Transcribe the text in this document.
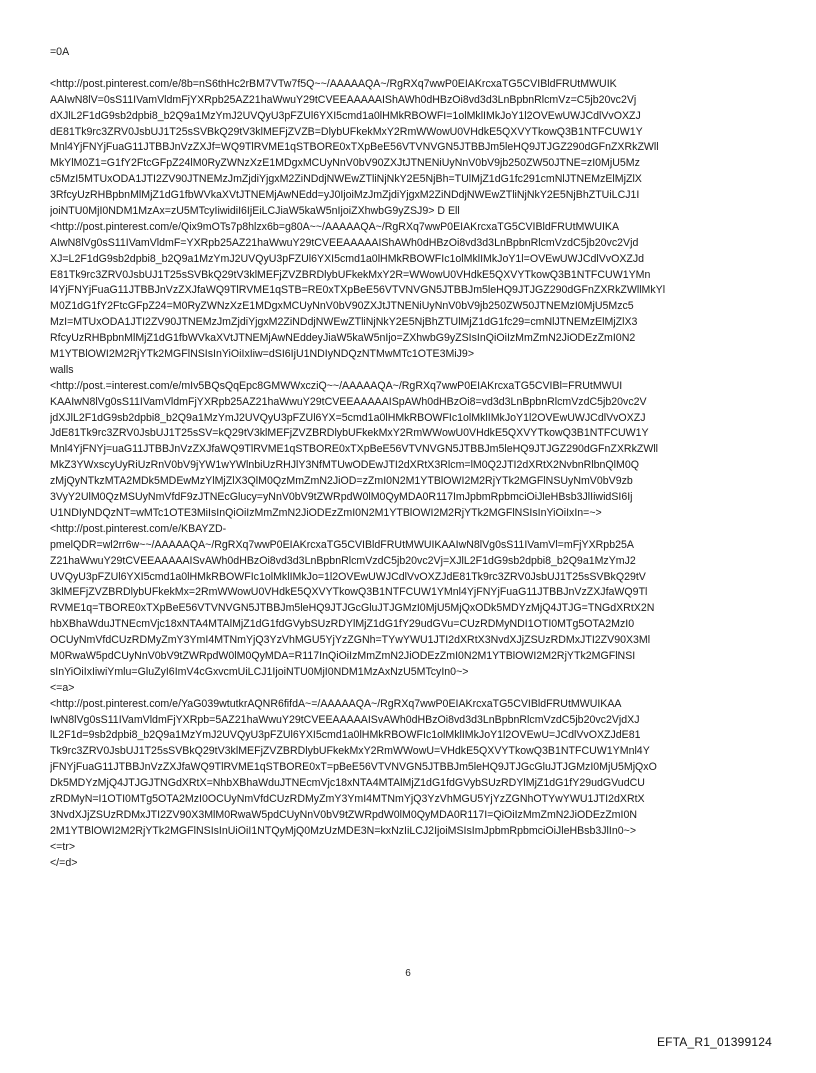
=0A
<http://post.pinterest.com/e/8b=nS6thHc2rBM7VTw7f5Q~~/AAAAAQA~/RgRXq7wwP0EIAKrcxaTG5CVIBldFRUtMWUIK
AAIwN8lV=0sS11IVamVldmFjYXRpb25AZ21haWwuY29tCVEEAAAAAIShAWh0dHBzOi8vd3d3LnBpbnRlcmVz=C5jb20vc2Vj
dXJlL2F1dG9sb2dpbi8_b2Q9a1MzYmJ2UVQyU3pFZUl6YXI5cmd1a0lHMkRBOWFI=1olMklIMkJoY1l2OVEwUWJCdlVvOXZJ
dE81Tk9rc3ZRV0JsbUJ1T25sSVBkQ29tV3klMEFjZVZB=DlybUFkekMxY2RmWWowU0VHdkE5QXVYTkowQ3B1NTFCUW1Y
Mnl4YjFNYjFuaG11JTBBJnVzZXJf=WQ9TlRVME1qSTBORE0xTXpBeE56VTVNVGN5JTBBJm5leHQ9JTJGZ290dGFnZXRkZWll
MkYlM0Z1=G1fY2FtcGFpZ24lM0RyZWNzXzE1MDgxMCUyNnV0bV90ZXJtJTNENiUyNnV0bV9jb250ZW50JTNE=zI0MjU5Mz
c5MzI5MTUxODA1JTI2ZV90JTNEMzJmZjdiYjgxM2ZiNDdjNWEwZTliNjNkY2E5NjBh=TUlMjZ1dG1fc291cmNlJTNEMzElMjZlX
3RfcyUzRHBpbnMlMjZ1dG1fbWVkaXVtJTNEMjAwNEdd=yJ0IjoiMzJmZjdiYjgxM2ZiNDdjNWEwZTliNjNkY2E5NjBhZTUiLCJ1I
joiNTU0MjI0NDM1MzAx=zU5MTcyIiwidiI6IjEiLCJiaW5kaW5nIjoiZXhwbG9yZSJ9> D Ell
<http://post.pinterest.com/e/Qix9mOTs7p8hlzx6b=g80A~~/AAAAAQA~/RgRXq7wwP0EIAKrcxaTG5CVIBldFRUtMWUIKA
AIwN8lVg0sS11IVamVldmF=YXRpb25AZ21haWwuY29tCVEEAAAAAIShAWh0dHBzOi8vd3d3LnBpbnRlcmVzdC5jb20vc2Vjd
XJ=L2F1dG9sb2dpbi8_b2Q9a1MzYmJ2UVQyU3pFZUl6YXI5cmd1a0lHMkRBOWFIc1olMklIMkJoY1l=OVEwUWJCdlVvOXZJd
E81Tk9rc3ZRV0JsbUJ1T25sSVBkQ29tV3klMEFjZVZBRDlybUFkekMxY2R=WWowU0VHdkE5QXVYTkowQ3B1NTFCUW1YMn
l4YjFNYjFuaG11JTBBJnVzZXJfaWQ9TlRVME1qSTB=RE0xTXpBeE56VTVNVGN5JTBBJm5leHQ9JTJGZ290dGFnZXRkZWllMkYl
M0Z1dG1fY2FtcGFpZ24=M0RyZWNzXzE1MDgxMCUyNnV0bV90ZXJtJTNENiUyNnV0bV9jb250ZW50JTNEMzI0MjU5Mzc5
MzI=MTUxODA1JTI2ZV90JTNEMzJmZjdiYjgxM2ZiNDdjNWEwZTliNjNkY2E5NjBhZTUlMjZ1dG1fc29=cmNlJTNEMzElMjZlX3
RfcyUzRHBpbnMlMjZ1dG1fbWVkaXVtJTNEMjAwNEddeyJiaW5kaW5nIjo=ZXhwbG9yZSIsInQiOiIzMmZmN2JiODEzZmI0N2
M1YTBlOWI2M2RjYTk2MGFlNSIsInYiOiIxIiw=dSI6IjU1NDIyNDQzNTMwMTc1OTE3MiJ9>
walls
<http://post.=interest.com/e/mIv5BQsQqEpc8GMWWxcziQ~~/AAAAAQA~/RgRXq7wwP0EIAKrcxaTG5CVIBl=FRUtMWUI
KAAIwN8lVg0sS11IVamVldmFjYXRpb25AZ21haWwuY29tCVEEAAAAAISpAWh0dHBzOi8=vd3d3LnBpbnRlcmVzdC5jb20vc2V
jdXJlL2F1dG9sb2dpbi8_b2Q9a1MzYmJ2UVQyU3pFZUl6YX=5cmd1a0lHMkRBOWFIc1olMklIMkJoY1l2OVEwUWJCdlVvOXZJ
JdE81Tk9rc3ZRV0JsbUJ1T25sSV=kQ29tV3klMEFjZVZBRDlybUFkekMxY2RmWWowU0VHdkE5QXVYTkowQ3B1NTFCUW1Y
Mnl4YjFNYj=uaG11JTBBJnVzZXJfaWQ9TlRVME1qSTBORE0xTXpBeE56VTVNVGN5JTBBJm5leHQ9JTJGZ290dGFnZXRkZWll
MkZ3YWxscyUyRiUzRnV0bV9jYW1wYWlnbiUzRHJlY3NfMTUwODEwJTI2dXRtX3Rlcm=lM0Q2JTI2dXRtX2NvbnRlbnQlM0Q
zMjQyNTkzMTA2MDk5MDEwMzYlMjZlX3QlM0QzMmZmN2JiOD=zZmI0N2M1YTBlOWI2M2RjYTk2MGFlNSUyNmV0bV9zb
3VyY2UlM0QzMSUyNmVfdF9zJTNEcGlucy=yNnV0bV9tZWRpdW0lM0QyMDA0R117ImJpbmRpbmciOiJleHBsb3JlIiwidSI6Ij
U1NDIyNDQzNT=wMTc1OTE3MiIsInQiOiIzMmZmN2JiODEzZmI0N2M1YTBlOWI2M2RjYTk2MGFlNSIsInYiOiIxIn=~>
<http://post.pinterest.com/e/KBAYZD-
pmelQDR=wl2rr6w~~/AAAAAQA~/RgRXq7wwP0EIAKrcxaTG5CVIBldFRUtMWUIKAAIwN8lVg0sS11IVamVl=mFjYXRpb25A
Z21haWwuY29tCVEEAAAAAISvAWh0dHBzOi8vd3d3LnBpbnRlcmVzdC5jb20vc2Vj=XJlL2F1dG9sb2dpbi8_b2Q9a1MzYmJ2
UVQyU3pFZUl6YXI5cmd1a0lHMkRBOWFIc1olMklIMkJo=1l2OVEwUWJCdlVvOXZJdE81Tk9rc3ZRV0JsbUJ1T25sSVBkQ29tV
3klMEFjZVZBRDlybUFkekMx=2RmWWowU0VHdkE5QXVYTkowQ3B1NTFCUW1YMnl4YjFNYjFuaG11JTBBJnVzZXJfaWQ9Tl
RVME1q=TBORE0xTXpBeE56VTVNVGN5JTBBJm5leHQ9JTJGcGluJTJGMzI0MjU5MjQxODk5MDYzMjQ4JTJG=TNGdXRtX2N
hbXBhaWduJTNEcmVjc18xNTA4MTAlMjZ1dG1fdGVybSUzRDYlMjZ1dG1fY29udGVu=CUzRDMyNDI1OTI0MTg5OTA2MzI0
OCUyNmVfdCUzRDMyZmY3YmI4MTNmYjQ3YzVhMGU5YjYzZGNh=TYwYWU1JTI2dXRtX3NvdXJjZSUzRDMxJTI2ZV90X3Ml
M0RwaW5pdCUyNnV0bV9tZWRpdW0lM0QyMDA=R117InQiOiIzMmZmN2JiODEzZmI0N2M1YTBlOWI2M2RjYTk2MGFlNSI
sInYiOiIxIiwiYmlu=GluZyI6ImV4cGxvcmUiLCJ1IjoiNTU0MjI0NDM1MzAxNzU5MTcyIn0~>
<=a>
<http://post.pinterest.com/e/YaG039wtutkrAQNR6fifdA~=/AAAAAQA~/RgRXq7wwP0EIAKrcxaTG5CVIBldFRUtMWUIKAA
IwN8lVg0sS11IVamVldmFjYXRpb=5AZ21haWwuY29tCVEEAAAAAISvAWh0dHBzOi8vd3d3LnBpbnRlcmVzdC5jb20vc2VjdXJ
lL2F1d=9sb2dpbi8_b2Q9a1MzYmJ2UVQyU3pFZUl6YXI5cmd1a0lHMkRBOWFIc1olMklIMkJoY1l2OVEwU=JCdlVvOXZJdE81
Tk9rc3ZRV0JsbUJ1T25sSVBkQ29tV3klMEFjZVZBRDlybUFkekMxY2RmWWowU=VHdkE5QXVYTkowQ3B1NTFCUW1YMnl4Y
jFNYjFuaG11JTBBJnVzZXJfaWQ9TlRVME1qSTBORE0xT=pBeE56VTVNVGN5JTBBJm5leHQ9JTJGcGluJTJGMzI0MjU5MjQxO
Dk5MDYzMjQ4JTJGJTNGdXRtX=NhbXBhaWduJTNEcmVjc18xNTA4MTAlMjZ1dG1fdGVybSUzRDYlMjZ1dG1fY29udGVudCU
zRDMyN=I1OTI0MTg5OTA2MzI0OCUyNmVfdCUzRDMyZmY3YmI4MTNmYjQ3YzVhMGU5YjYzZGNhOTYwYWU1JTI2dXRtX
3NvdXJjZSUzRDMxJTI2ZV90X3MlM0RwaW5pdCUyNnV0bV9tZWRpdW0lM0QyMDA0R117I=QiOiIzMmZmN2JiODEzZmI0N
2M1YTBlOWI2M2RjYTk2MGFlNSIsInUiOiI1NTQyMjQ0MzUzMDE3N=kxNzIiLCJ2IjoiMSIsImJpbmRpbmciOiJleHBsb3JlIn0~>
<=tr>
</=d>
6
EFTA_R1_01399124
